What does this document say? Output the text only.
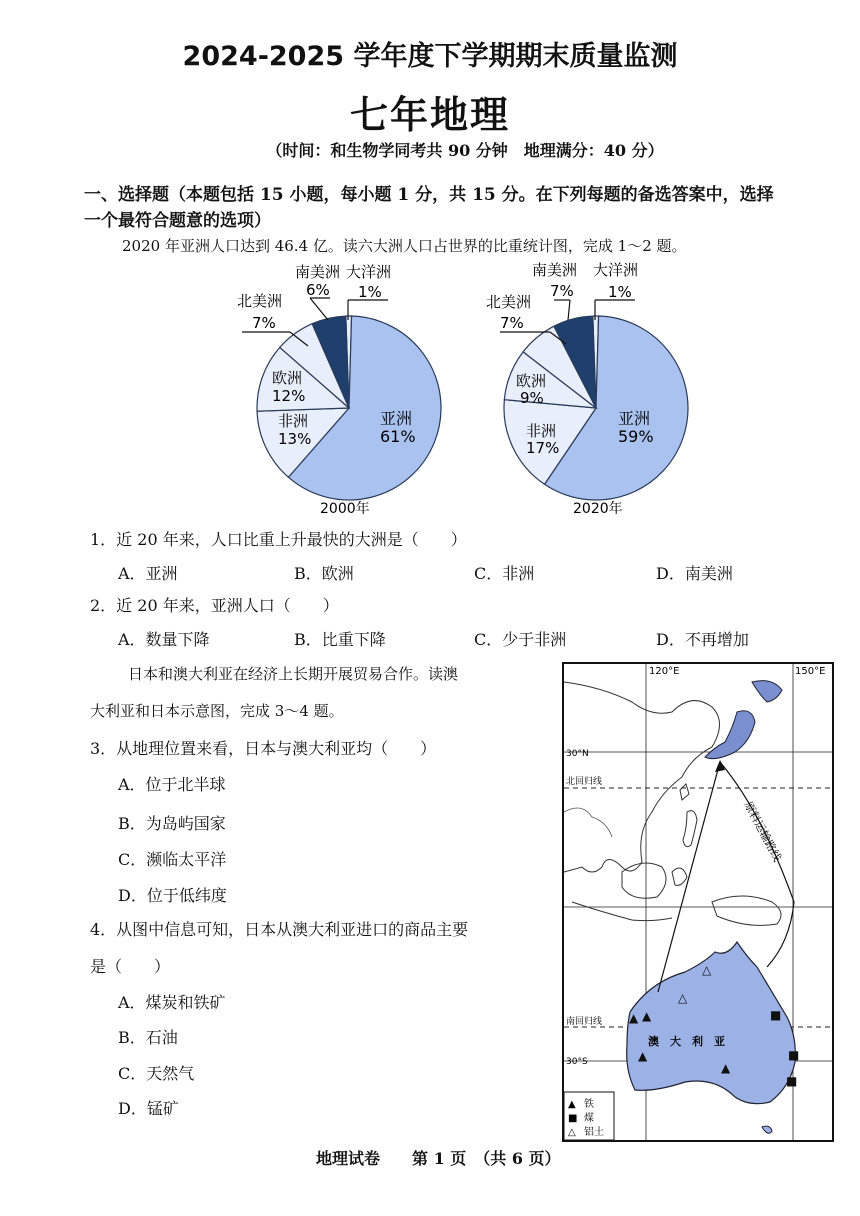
2024-2025 学年度下学期期末质量监测
七年地理
（时间：和生物学同考共 90 分钟　地理满分：40 分）
一、选择题（本题包括 15 小题，每小题 1 分，共 15 分。在下列每题的备选答案中，选择
一个最符合题意的选项）
2020 年亚洲人口达到 46.4 亿。读六大洲人口占世界的比重统计图，完成 1～2 题。
南美洲 大洋洲
6% 1%
北美洲
7%
欧洲
12%
非洲
13%
亚洲
61%
2000年
南美洲 大洋洲
7% 1%
北美洲
7%
欧洲
9%
非洲
17%
亚洲
59%
2020年
1．近 20 年来，人口比重上升最快的大洲是（　　）
A．亚洲	B．欧洲	C．非洲	D．南美洲
2．近 20 年来，亚洲人口（　　）
A．数量下降	B．比重下降	C．少于非洲	D．不再增加
日本和澳大利亚在经济上长期开展贸易合作。读澳
大利亚和日本示意图，完成 3～4 题。
3．从地理位置来看，日本与澳大利亚均（　　）
A．位于北半球
B．为岛屿国家
C．濒临太平洋
D．位于低纬度
4．从图中信息可知，日本从澳大利亚进口的商品主要
是（　　）
A．煤炭和铁矿
B．石油
C．天然气
D．锰矿
▲ ▲
▲
▲
△
△
■
■
■
120°E	150°E
30°N
北回归线
南回归线
30°S
澳　大　利　亚
原料运输路线
▲ 铁
■ 煤
△ 铝土
地理试卷　　第 1 页　（共 6 页）
